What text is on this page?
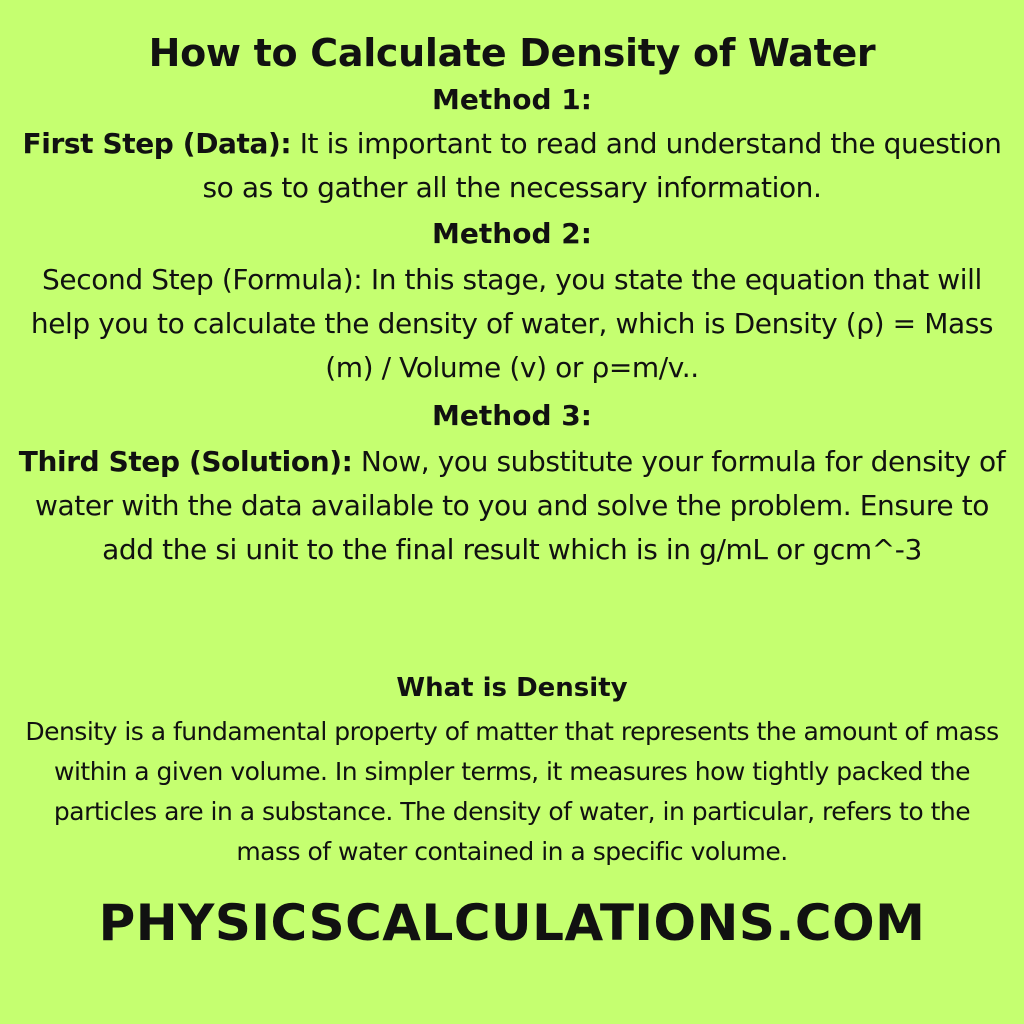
How to Calculate Density of Water
Method 1:
First Step (Data): It is important to read and understand the question so as to gather all the necessary information.
Method 2:
Second Step (Formula): In this stage, you state the equation that will help you to calculate the density of water, which is Density (ρ) = Mass (m) / Volume (v) or ρ=m/v..
Method 3:
Third Step (Solution): Now, you substitute your formula for density of water with the data available to you and solve the problem. Ensure to add the si unit to the final result which is in g/mL or gcm^-3
What is Density
Density is a fundamental property of matter that represents the amount of mass within a given volume. In simpler terms, it measures how tightly packed the particles are in a substance. The density of water, in particular, refers to the mass of water contained in a specific volume.
PHYSICSCALCULATIONS.COM
